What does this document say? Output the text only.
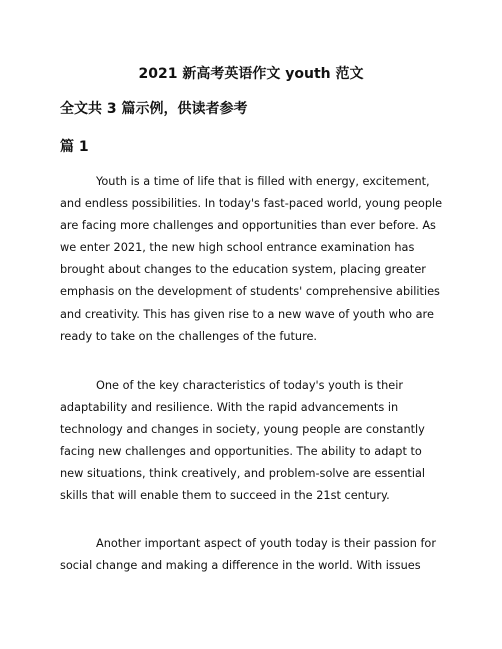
2021 新高考英语作文 youth 范文
全文共 3 篇示例，供读者参考
篇 1

Youth is a time of life that is filled with energy, excitement, and endless possibilities. In today's fast-paced world, young people are facing more challenges and opportunities than ever before. As we enter 2021, the new high school entrance examination has brought about changes to the education system, placing greater emphasis on the development of students' comprehensive abilities and creativity. This has given rise to a new wave of youth who are ready to take on the challenges of the future.

One of the key characteristics of today's youth is their adaptability and resilience. With the rapid advancements in technology and changes in society, young people are constantly facing new challenges and opportunities. The ability to adapt to new situations, think creatively, and problem-solve are essential skills that will enable them to succeed in the 21st century.

Another important aspect of youth today is their passion for social change and making a difference in the world. With issues
